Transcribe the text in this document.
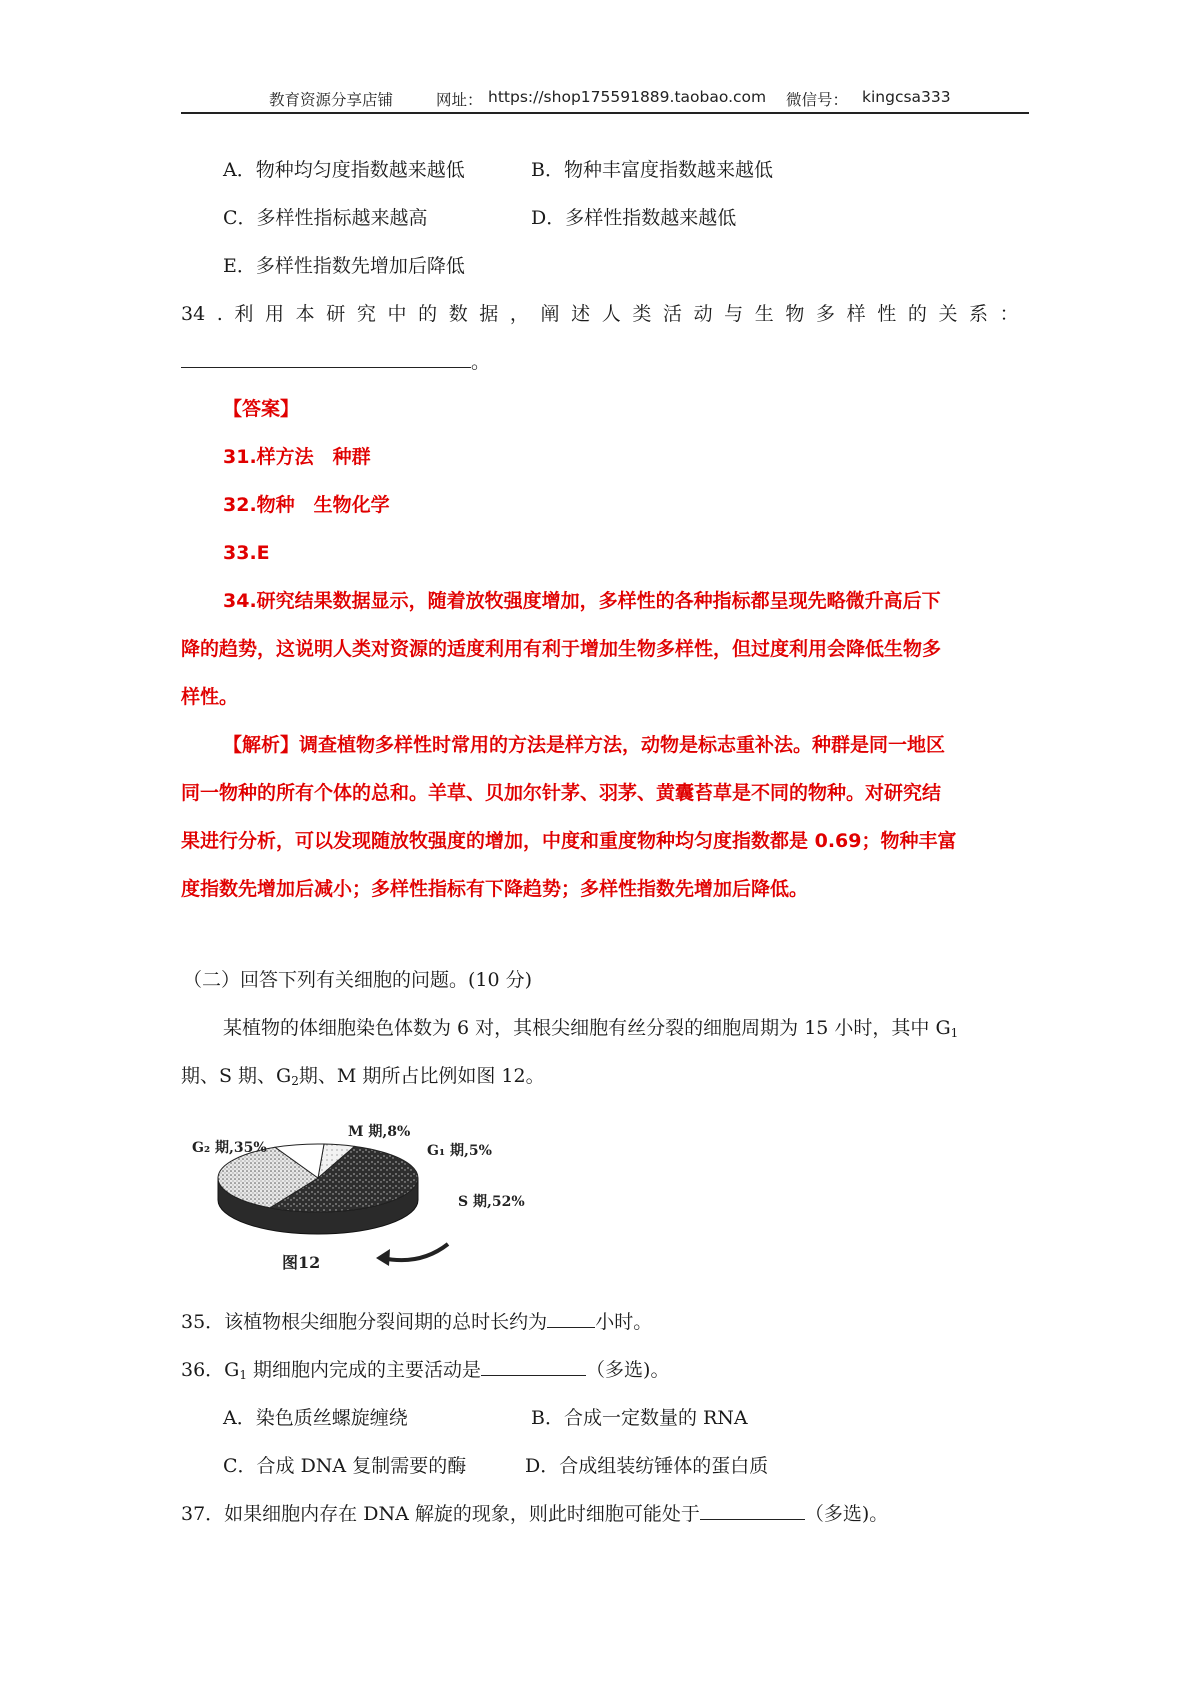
教育资源分享店铺	网址： https://shop175591889.taobao.com 微信号： kingcsa333
A．物种均匀度指数越来越低	B．物种丰富度指数越来越低
C．多样性指标越来越高	D．多样性指数越来越低
E．多样性指数先增加后降低
34 . 利 用 本 研 究 中 的 数 据 ， 阐 述 人 类 活 动 与 生 物 多 样 性 的 关 系 ：
。
【答案】
31.样方法　种群
32.物种　生物化学
33.E
34.研究结果数据显示，随着放牧强度增加，多样性的各种指标都呈现先略微升高后下
降的趋势，这说明人类对资源的适度利用有利于增加生物多样性，但过度利用会降低生物多
样性。
【解析】调查植物多样性时常用的方法是样方法，动物是标志重补法。种群是同一地区
同一物种的所有个体的总和。羊草、贝加尔针茅、羽茅、黄囊苔草是不同的物种。对研究结
果进行分析，可以发现随放牧强度的增加，中度和重度物种均匀度指数都是 0.69；物种丰富
度指数先增加后减小；多样性指标有下降趋势；多样性指数先增加后降低。
（二）回答下列有关细胞的问题。(10 分)
某植物的体细胞染色体数为 6 对，其根尖细胞有丝分裂的细胞周期为 15 小时，其中 $G_1$
期、S 期、$G_2$期、M 期所占比例如图 12。
G₂ 期,35%
M 期,8%
G₁ 期,5%
S 期,52%
图12
35．该植物根尖细胞分裂间期的总时长约为	小时。
36．$G_1$ 期细胞内完成的主要活动是	（多选)。
A．染色质丝螺旋缠绕	B．合成一定数量的 RNA
C．合成 DNA 复制需要的酶	D．合成组装纺锤体的蛋白质
37．如果细胞内存在 DNA 解旋的现象，则此时细胞可能处于	（多选)。
